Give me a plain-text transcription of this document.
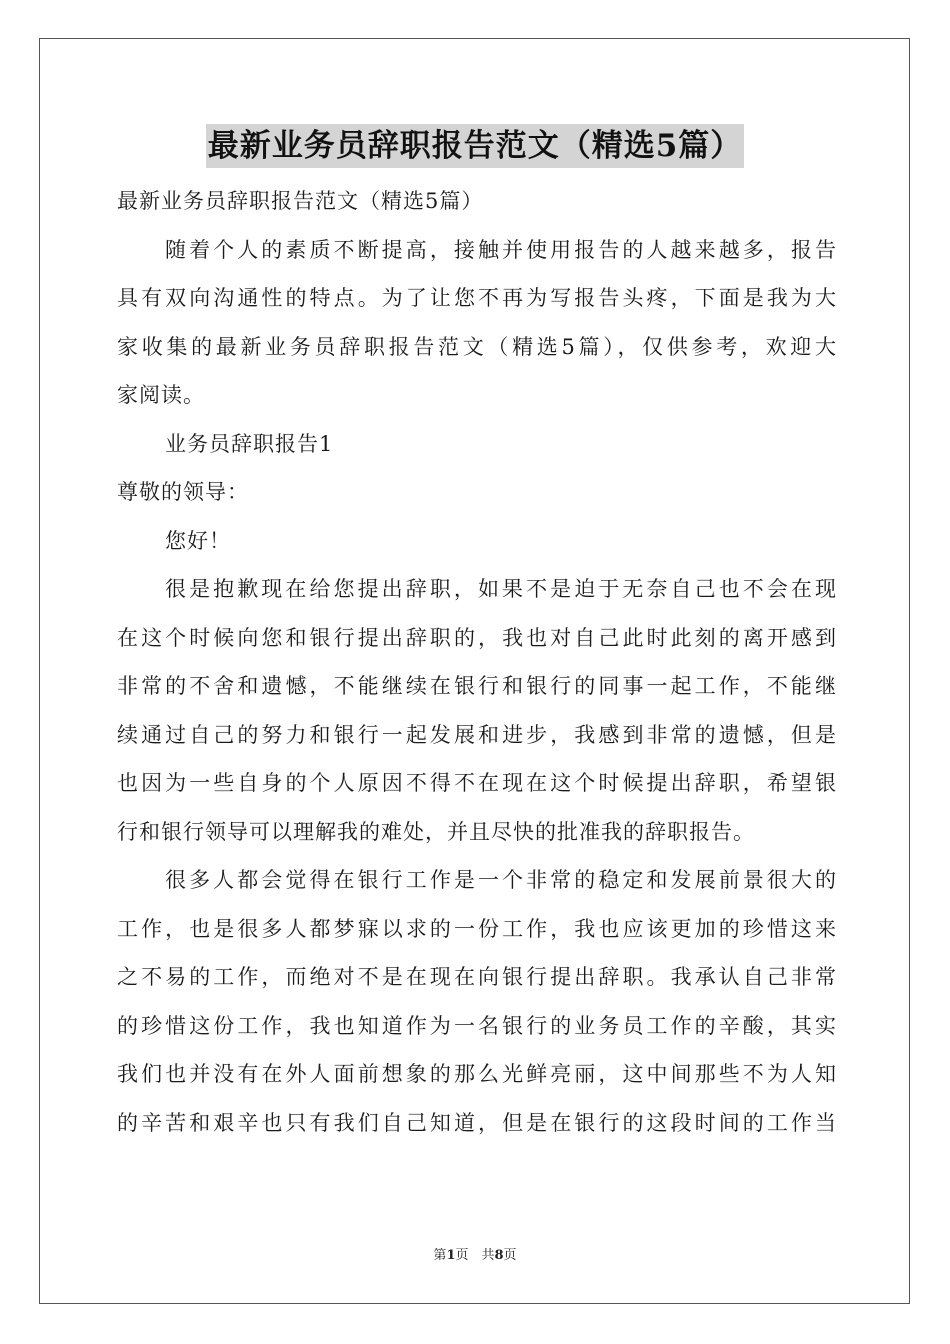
最新业务员辞职报告范文（精选5篇）

最新业务员辞职报告范文（精选5篇）

随着个人的素质不断提高，接触并使用报告的人越来越多，报告

具有双向沟通性的特点。为了让您不再为写报告头疼，下面是我为大

家收集的最新业务员辞职报告范文（精选5篇），仅供参考，欢迎大

家阅读。

业务员辞职报告1

尊敬的领导：

您好！

很是抱歉现在给您提出辞职，如果不是迫于无奈自己也不会在现

在这个时候向您和银行提出辞职的，我也对自己此时此刻的离开感到

非常的不舍和遗憾，不能继续在银行和银行的同事一起工作，不能继

续通过自己的努力和银行一起发展和进步，我感到非常的遗憾，但是

也因为一些自身的个人原因不得不在现在这个时候提出辞职，希望银

行和银行领导可以理解我的难处，并且尽快的批准我的辞职报告。

很多人都会觉得在银行工作是一个非常的稳定和发展前景很大的

工作，也是很多人都梦寐以求的一份工作，我也应该更加的珍惜这来

之不易的工作，而绝对不是在现在向银行提出辞职。我承认自己非常

的珍惜这份工作，我也知道作为一名银行的业务员工作的辛酸，其实

我们也并没有在外人面前想象的那么光鲜亮丽，这中间那些不为人知

的辛苦和艰辛也只有我们自己知道，但是在银行的这段时间的工作当

第1页　共8页
